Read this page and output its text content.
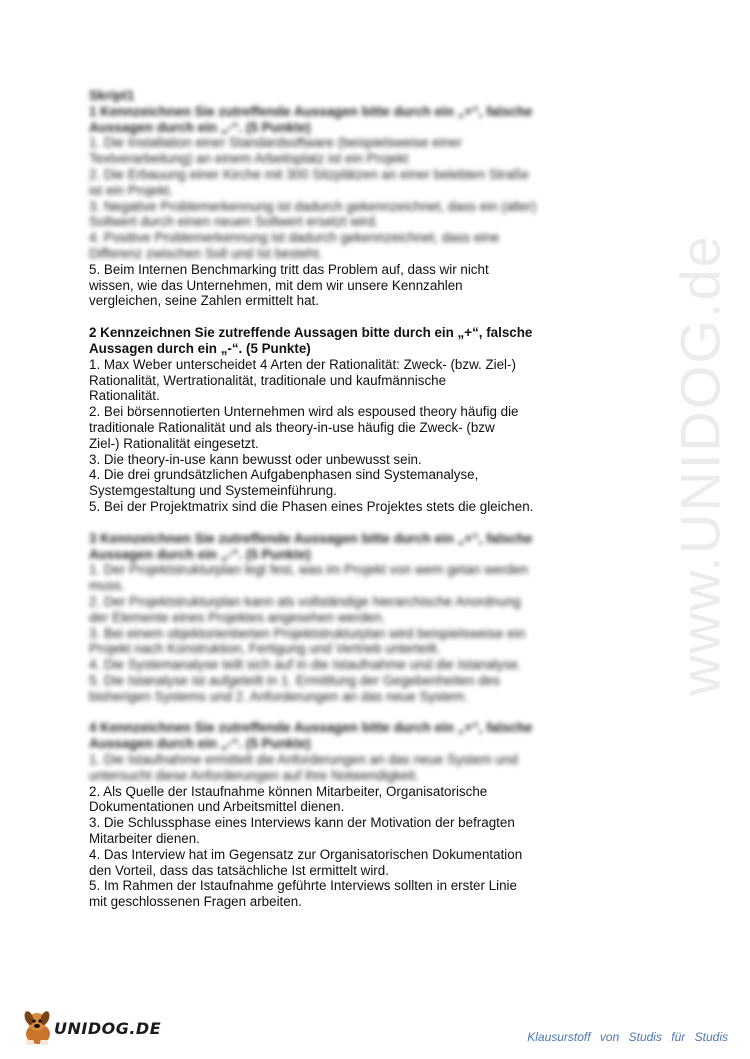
www.UNIDOG.de
Skript1
1 Kennzeichnen Sie zutreffende Aussagen bitte durch ein „+“, falsche Aussagen durch ein „-“. (5 Punkte)
1. Die Installation einer Standardsoftware (beispielsweise einer
Textverarbeitung) an einem Arbeitsplatz ist ein Projekt
2. Die Erbauung einer Kirche mit 300 Sitzplätzen an einer belebten Straße
ist ein Projekt.
3. Negative Problemerkennung ist dadurch gekennzeichnet, dass ein (alter)
Sollwert durch einen neuen Sollwert ersetzt wird.
4. Positive Problemerkennung ist dadurch gekennzeichnet, dass eine
Differenz zwischen Soll und Ist besteht.
5. Beim Internen Benchmarking tritt das Problem auf, dass wir nicht
wissen, wie das Unternehmen, mit dem wir unsere Kennzahlen
vergleichen, seine Zahlen ermittelt hat.
2 Kennzeichnen Sie zutreffende Aussagen bitte durch ein „+“, falsche
Aussagen durch ein „-“. (5 Punkte)
1. Max Weber unterscheidet 4 Arten der Rationalität: Zweck- (bzw. Ziel-)
Rationalität, Wertrationalität, traditionale und kaufmännische
Rationalität.
2. Bei börsennotierten Unternehmen wird als espoused theory häufig die
traditionale Rationalität und als theory-in-use häufig die Zweck- (bzw
Ziel-) Rationalität eingesetzt.
3. Die theory-in-use kann bewusst oder unbewusst sein.
4. Die drei grundsätzlichen Aufgabenphasen sind Systemanalyse,
Systemgestaltung und Systemeinführung.
5. Bei der Projektmatrix sind die Phasen eines Projektes stets die gleichen.
3 Kennzeichnen Sie zutreffende Aussagen bitte durch ein „+“, falsche
Aussagen durch ein „-“. (5 Punkte)
1. Der Projektstrukturplan legt fest, was im Projekt von wem getan werden
muss.
2. Der Projektstrukturplan kann als vollständige hierarchische Anordnung
der Elemente eines Projektes angesehen werden.
3. Bei einem objektorientierten Projektstrukturplan wird beispielsweise ein
Projekt nach Konstruktion, Fertigung und Vertrieb unterteilt.
4. Die Systemanalyse teilt sich auf in die Istaufnahme und die Istanalyse.
5. Die Istanalyse ist aufgeteilt in 1. Ermittlung der Gegebenheiten des
bisherigen Systems und 2. Anforderungen an das neue System.
4 Kennzeichnen Sie zutreffende Aussagen bitte durch ein „+“, falsche
Aussagen durch ein „-“. (5 Punkte)
1. Die Istaufnahme ermittelt die Anforderungen an das neue System und
untersucht diese Anforderungen auf ihre Notwendigkeit.
2. Als Quelle der Istaufnahme können Mitarbeiter, Organisatorische
Dokumentationen und Arbeitsmittel dienen.
3. Die Schlussphase eines Interviews kann der Motivation der befragten
Mitarbeiter dienen.
4. Das Interview hat im Gegensatz zur Organisatorischen Dokumentation
den Vorteil, dass das tatsächliche Ist ermittelt wird.
5. Im Rahmen der Istaufnahme geführte Interviews sollten in erster Linie
mit geschlossenen Fragen arbeiten.
UNIDOG.DE	Klausurstoff von Studis für Studis
